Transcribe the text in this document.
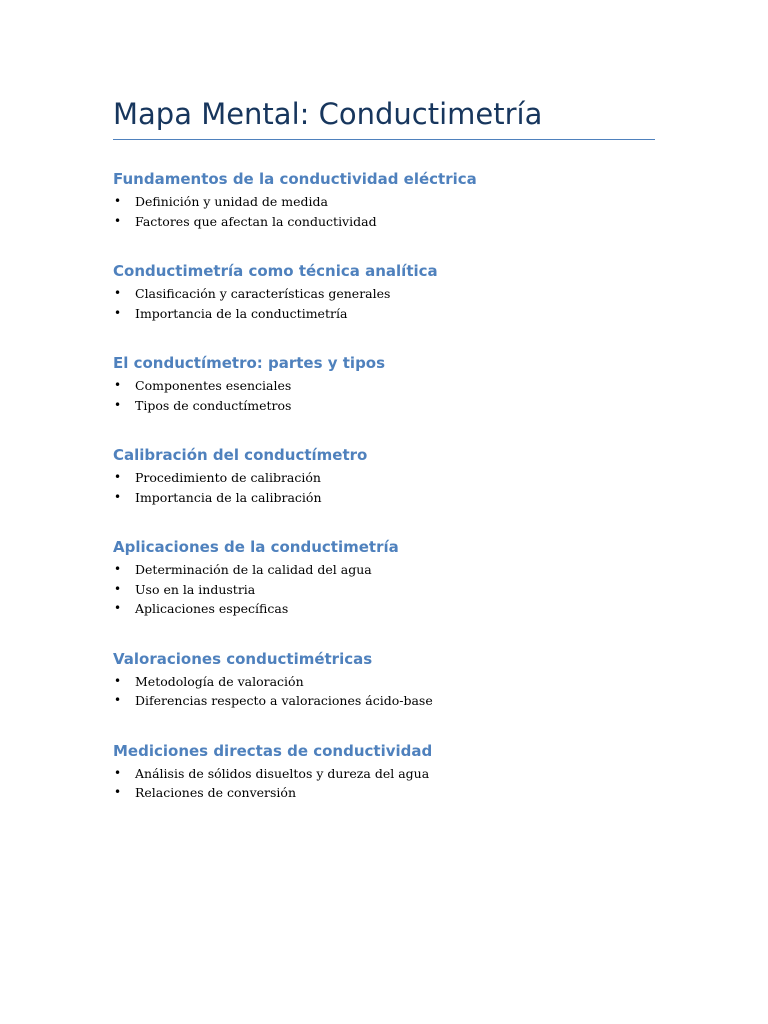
Mapa Mental: Conductimetría
Fundamentos de la conductividad eléctrica
• Definición y unidad de medida
• Factores que afectan la conductividad
Conductimetría como técnica analítica
• Clasificación y características generales
• Importancia de la conductimetría
El conductímetro: partes y tipos
• Componentes esenciales
• Tipos de conductímetros
Calibración del conductímetro
• Procedimiento de calibración
• Importancia de la calibración
Aplicaciones de la conductimetría
• Determinación de la calidad del agua
• Uso en la industria
• Aplicaciones específicas
Valoraciones conductimétricas
• Metodología de valoración
• Diferencias respecto a valoraciones ácido-base
Mediciones directas de conductividad
• Análisis de sólidos disueltos y dureza del agua
• Relaciones de conversión
